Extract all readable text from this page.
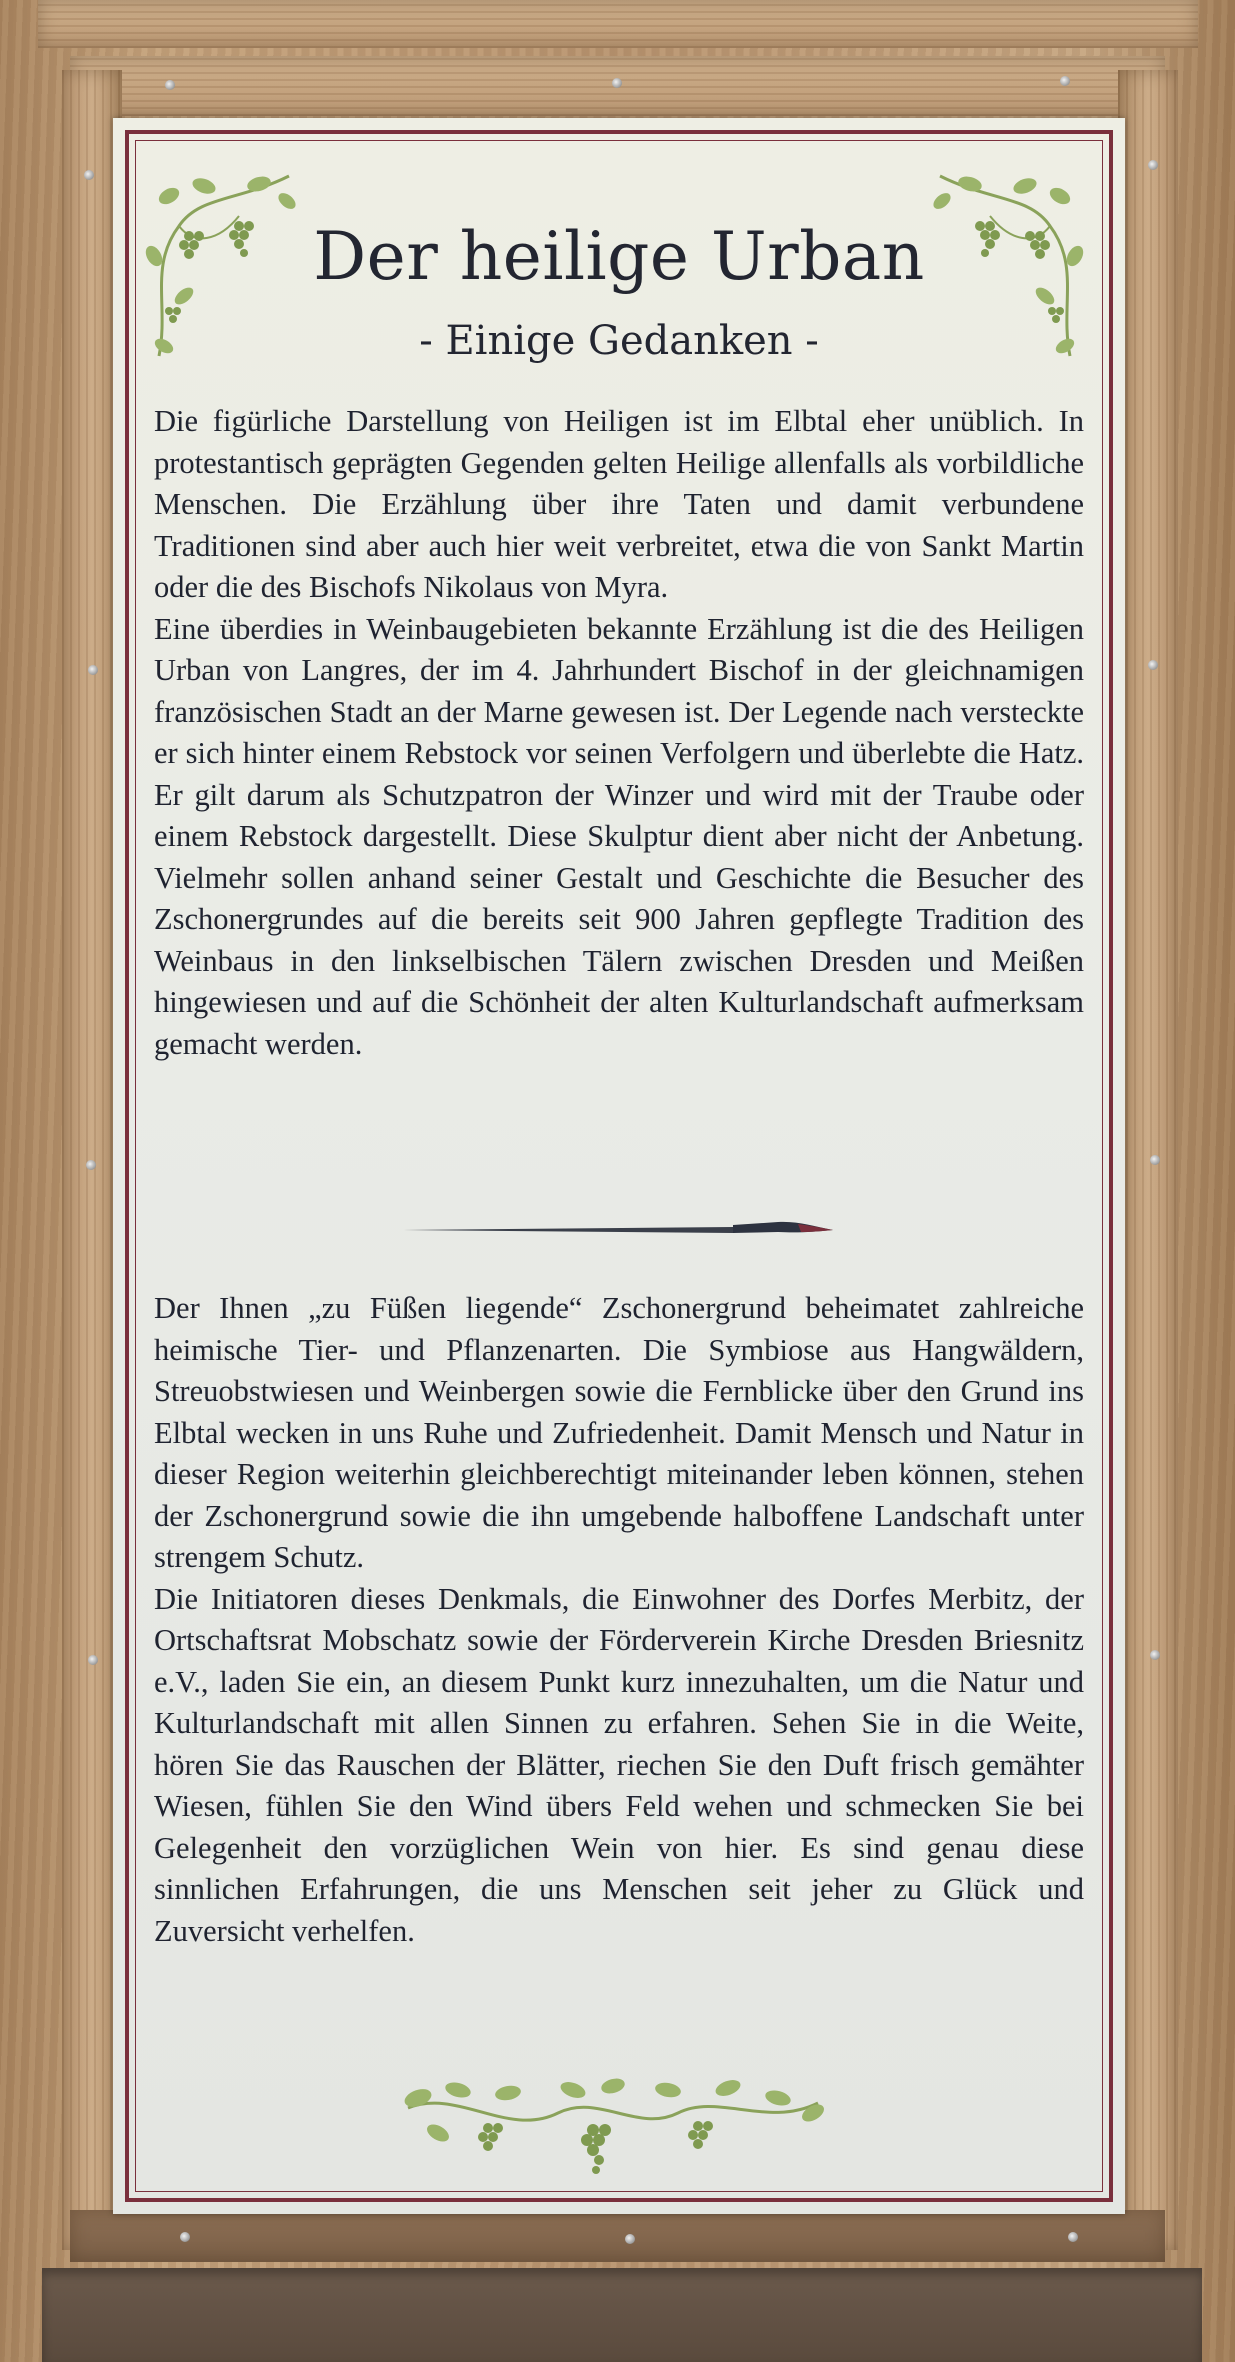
Der heilige Urban
- Einige Gedanken -

Die figürliche Darstellung von Heiligen ist im Elbtal eher unüblich. In protestantisch geprägten Gegenden gelten Heilige allenfalls als vorbildliche Menschen. Die Erzählung über ihre Taten und damit verbundene Traditionen sind aber auch hier weit verbreitet, etwa die von Sankt Martin oder die des Bischofs Nikolaus von Myra.

Eine überdies in Weinbaugebieten bekannte Erzählung ist die des Heiligen Urban von Langres, der im 4. Jahrhundert Bischof in der gleichnamigen französischen Stadt an der Marne gewesen ist. Der Legende nach versteckte er sich hinter einem Rebstock vor seinen Verfolgern und überlebte die Hatz. Er gilt darum als Schutzpatron der Winzer und wird mit der Traube oder einem Rebstock dargestellt. Diese Skulptur dient aber nicht der Anbetung. Vielmehr sollen anhand seiner Gestalt und Geschichte die Besucher des Zschonergrundes auf die bereits seit 900 Jahren gepflegte Tradition des Weinbaus in den linkselbischen Tälern zwischen Dresden und Meißen hingewiesen und auf die Schönheit der alten Kulturlandschaft aufmerksam gemacht werden.

Der Ihnen „zu Füßen liegende“ Zschonergrund beheimatet zahlreiche heimische Tier- und Pflanzenarten. Die Symbiose aus Hangwäldern, Streuobstwiesen und Weinbergen sowie die Fernblicke über den Grund ins Elbtal wecken in uns Ruhe und Zufriedenheit. Damit Mensch und Natur in dieser Region weiterhin gleichberechtigt miteinander leben können, stehen der Zschonergrund sowie die ihn umgebende halboffene Landschaft unter strengem Schutz.

Die Initiatoren dieses Denkmals, die Einwohner des Dorfes Merbitz, der Ortschaftsrat Mobschatz sowie der Förderverein Kirche Dresden Briesnitz e.V., laden Sie ein, an diesem Punkt kurz innezuhalten, um die Natur und Kulturlandschaft mit allen Sinnen zu erfahren. Sehen Sie in die Weite, hören Sie das Rauschen der Blätter, riechen Sie den Duft frisch gemähter Wiesen, fühlen Sie den Wind übers Feld wehen und schmecken Sie bei Gelegenheit den vorzüglichen Wein von hier. Es sind genau diese sinnlichen Erfahrungen, die uns Menschen seit jeher zu Glück und Zuversicht verhelfen.
